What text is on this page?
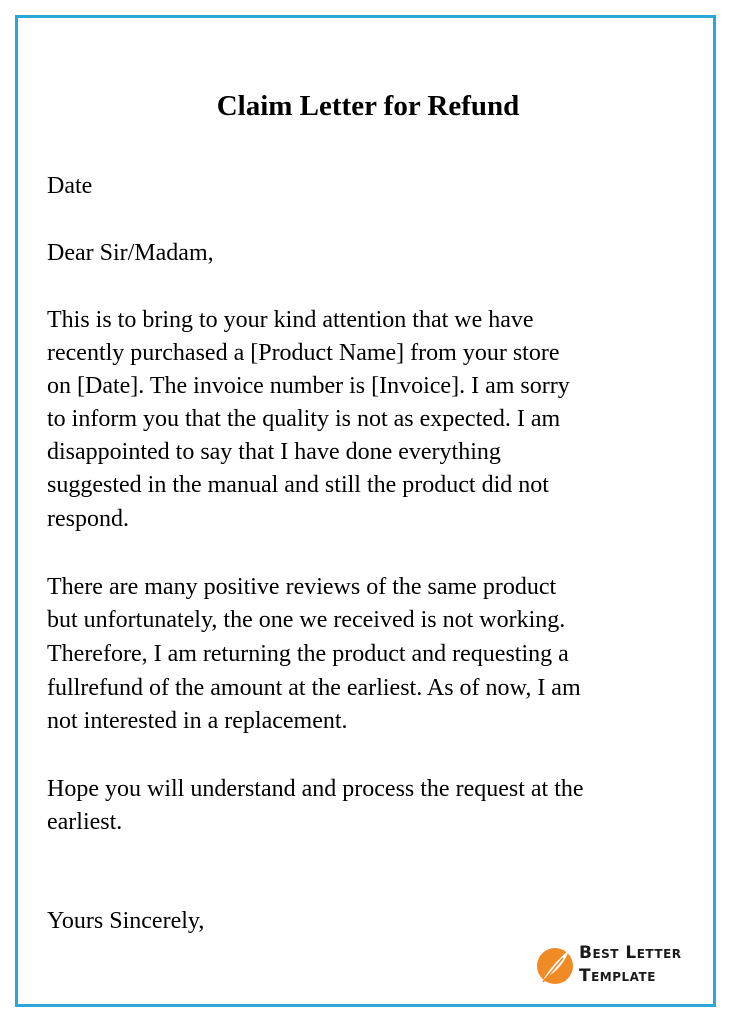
Claim Letter for Refund
Date
Dear Sir/Madam,
This is to bring to your kind attention that we have
recently purchased a [Product Name] from your store
on [Date]. The invoice number is [Invoice]. I am sorry
to inform you that the quality is not as expected. I am
disappointed to say that I have done everything
suggested in the manual and still the product did not
respond.
There are many positive reviews of the same product
but unfortunately, the one we received is not working.
Therefore, I am returning the product and requesting a
fullrefund of the amount at the earliest. As of now, I am
not interested in a replacement.
Hope you will understand and process the request at the
earliest.
Yours Sincerely,
Best Letter
Template
